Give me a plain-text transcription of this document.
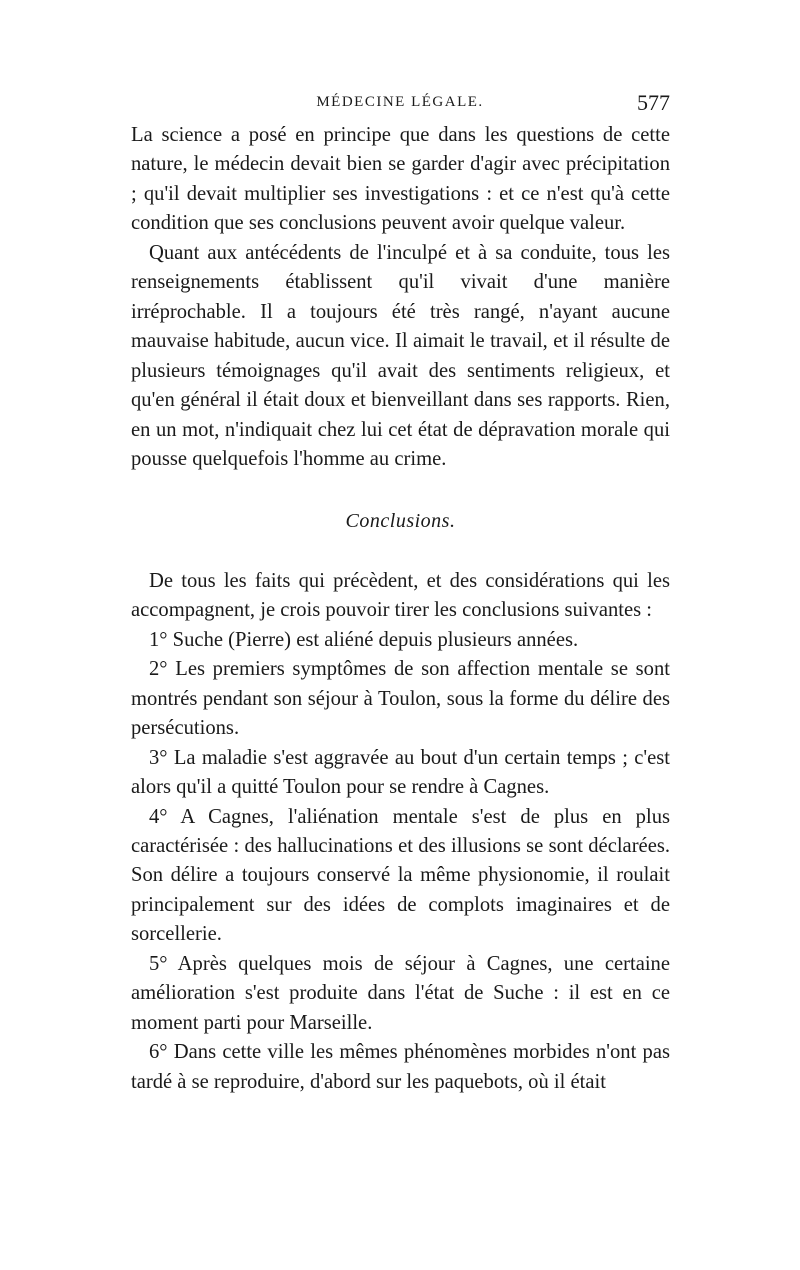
MÉDECINE LÉGALE.	577

La science a posé en principe que dans les questions de cette nature, le médecin devait bien se garder d'agir avec précipitation ; qu'il devait multiplier ses investigations : et ce n'est qu'à cette condition que ses conclusions peuvent avoir quelque valeur.

Quant aux antécédents de l'inculpé et à sa conduite, tous les renseignements établissent qu'il vivait d'une manière irréprochable. Il a toujours été très rangé, n'ayant aucune mauvaise habitude, aucun vice. Il aimait le travail, et il résulte de plusieurs témoignages qu'il avait des sentiments religieux, et qu'en général il était doux et bienveillant dans ses rapports. Rien, en un mot, n'indiquait chez lui cet état de dépravation morale qui pousse quelquefois l'homme au crime.

Conclusions.

De tous les faits qui précèdent, et des considérations qui les accompagnent, je crois pouvoir tirer les conclusions suivantes :

1° Suche (Pierre) est aliéné depuis plusieurs années.

2° Les premiers symptômes de son affection mentale se sont montrés pendant son séjour à Toulon, sous la forme du délire des persécutions.

3° La maladie s'est aggravée au bout d'un certain temps ; c'est alors qu'il a quitté Toulon pour se rendre à Cagnes.

4° A Cagnes, l'aliénation mentale s'est de plus en plus caractérisée : des hallucinations et des illusions se sont déclarées. Son délire a toujours conservé la même physionomie, il roulait principalement sur des idées de complots imaginaires et de sorcellerie.

5° Après quelques mois de séjour à Cagnes, une certaine amélioration s'est produite dans l'état de Suche : il est en ce moment parti pour Marseille.

6° Dans cette ville les mêmes phénomènes morbides n'ont pas tardé à se reproduire, d'abord sur les paquebots, où il était
